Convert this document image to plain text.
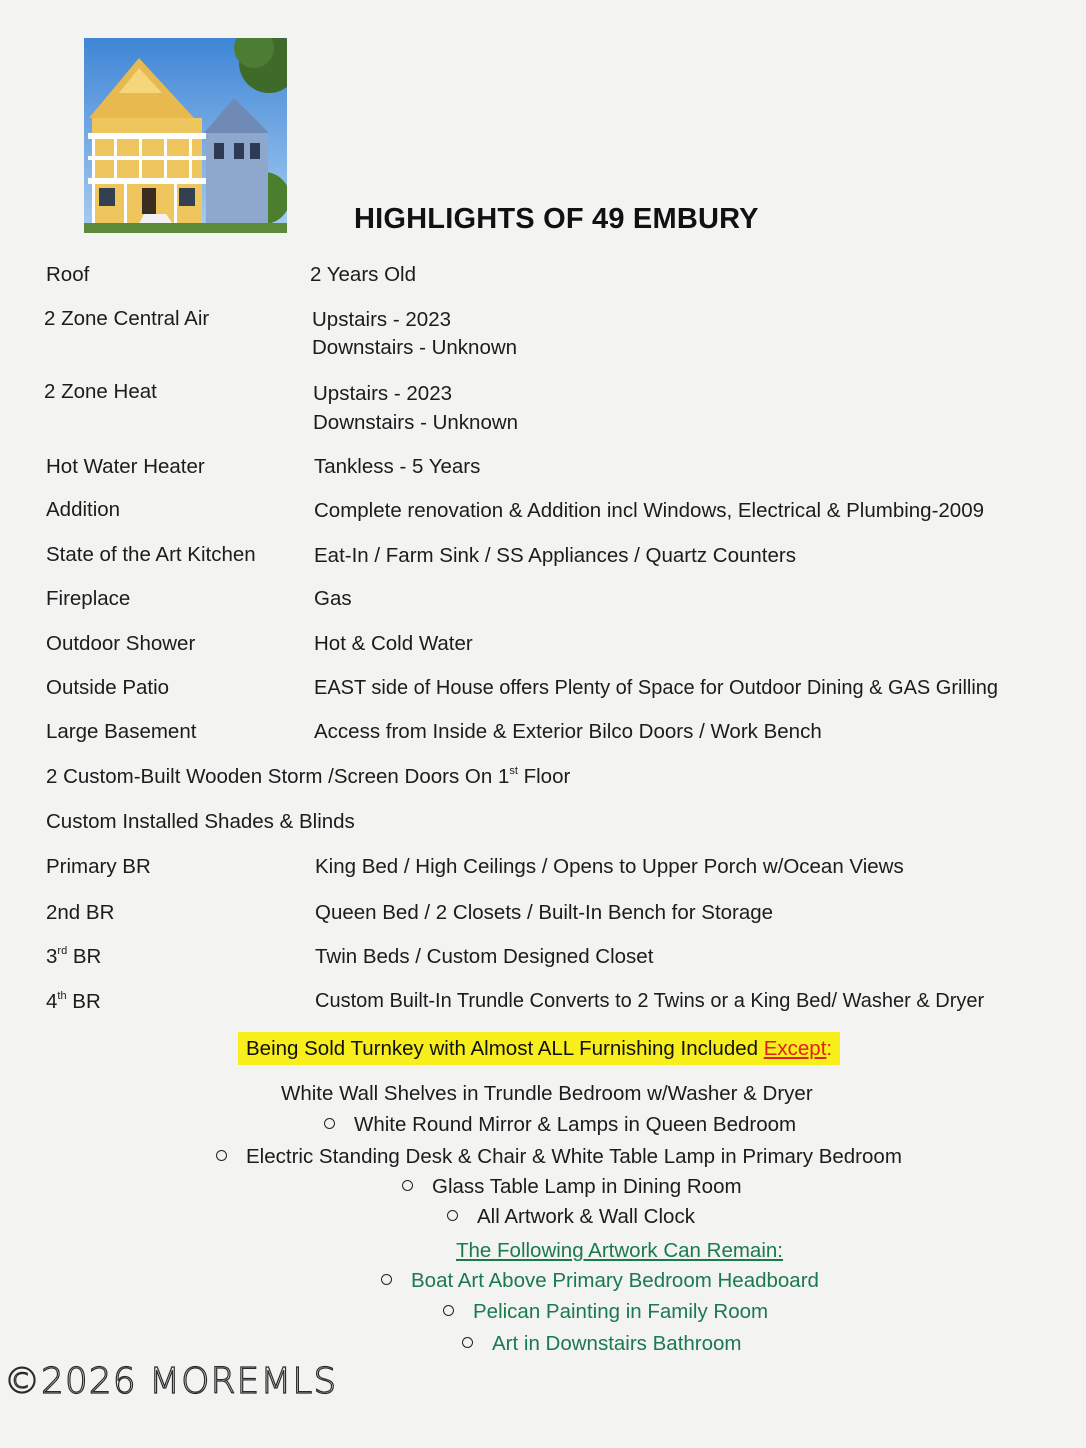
HIGHLIGHTS OF 49 EMBURY
Roof	2 Years Old
2 Zone Central Air	Upstairs - 2023
Downstairs - Unknown
2 Zone Heat	Upstairs - 2023
Downstairs - Unknown
Hot Water Heater	Tankless - 5 Years
Addition	Complete renovation & Addition incl Windows, Electrical & Plumbing-2009
State of the Art Kitchen	Eat-In / Farm Sink / SS Appliances / Quartz Counters
Fireplace	Gas
Outdoor Shower	Hot & Cold Water
Outside Patio	EAST side of House offers Plenty of Space for Outdoor Dining & GAS Grilling
Large Basement	Access from Inside & Exterior Bilco Doors / Work Bench
2 Custom-Built Wooden Storm /Screen Doors On 1st Floor
Custom Installed Shades & Blinds
Primary BR	King Bed / High Ceilings / Opens to Upper Porch w/Ocean Views
2nd BR	Queen Bed / 2 Closets / Built-In Bench for Storage
3rd BR	Twin Beds / Custom Designed Closet
4th BR	Custom Built-In Trundle Converts to 2 Twins or a King Bed/ Washer & Dryer
Being Sold Turnkey with Almost ALL Furnishing Included Except:
White Wall Shelves in Trundle Bedroom w/Washer & Dryer
White Round Mirror & Lamps in Queen Bedroom
Electric Standing Desk & Chair & White Table Lamp in Primary Bedroom
Glass Table Lamp in Dining Room
All Artwork & Wall Clock
The Following Artwork Can Remain:
Boat Art Above Primary Bedroom Headboard
Pelican Painting in Family Room
Art in Downstairs Bathroom
©2026 MOREMLS
